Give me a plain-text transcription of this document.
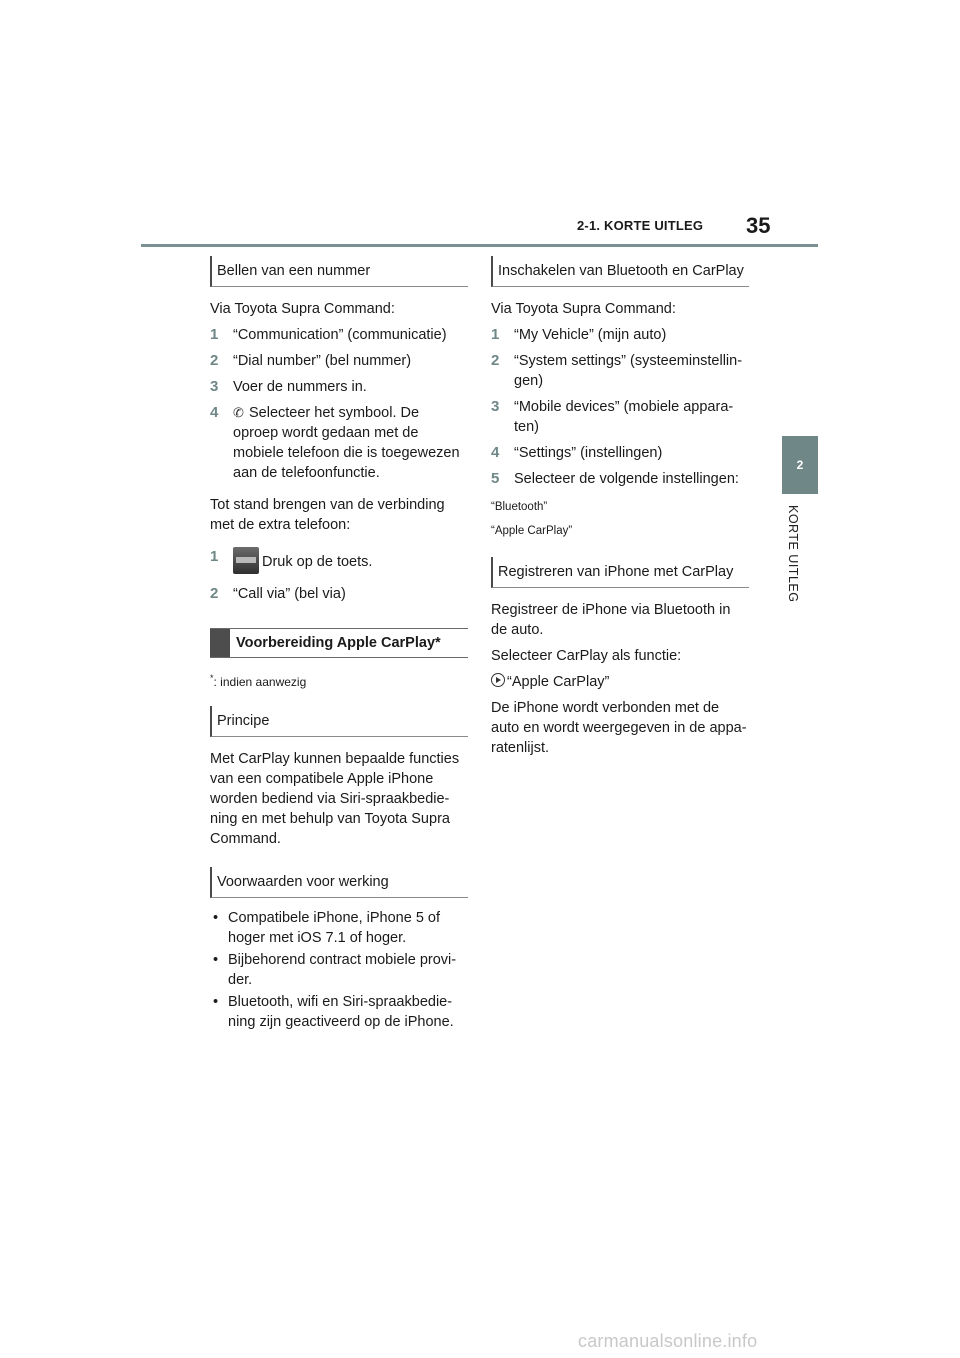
2-1. KORTE UITLEG 35
2
KORTE UITLEG
Bellen van een nummer

Via Toyota Supra Command:

1 “Communication” (communicatie)
2 “Dial number” (bel nummer)
3 Voer de nummers in.
4 ✆ Selecteer het symbool. De oproep wordt gedaan met de mobiele telefoon die is toegewezen aan de telefoonfunctie.

Tot stand brengen van de verbinding met de extra telefoon:

1	Druk op de toets.
2 “Call via” (bel via)
Voorbereiding Apple CarPlay*

*: indien aanwezig

Principe

Met CarPlay kunnen bepaalde functies van een compatibele Apple iPhone worden bediend via Siri-spraakbedie-ning en met behulp van Toyota Supra Command.

Voorwaarden voor werking
• Compatibele iPhone, iPhone 5 of hoger met iOS 7.1 of hoger.
• Bijbehorend contract mobiele provi-der.
• Bluetooth, wifi en Siri-spraakbedie-ning zijn geactiveerd op de iPhone.
Inschakelen van Bluetooth en CarPlay

Via Toyota Supra Command:

1 “My Vehicle” (mijn auto)
2 “System settings” (systeeminstellin-gen)
3 “Mobile devices” (mobiele appara-ten)
4 “Settings” (instellingen)
5 Selecteer de volgende instellingen:

“Bluetooth”

“Apple CarPlay”

Registreren van iPhone met CarPlay

Registreer de iPhone via Bluetooth in de auto.

Selecteer CarPlay als functie:

“Apple CarPlay”

De iPhone wordt verbonden met de auto en wordt weergegeven in de appa-ratenlijst.

carmanualsonline.info
